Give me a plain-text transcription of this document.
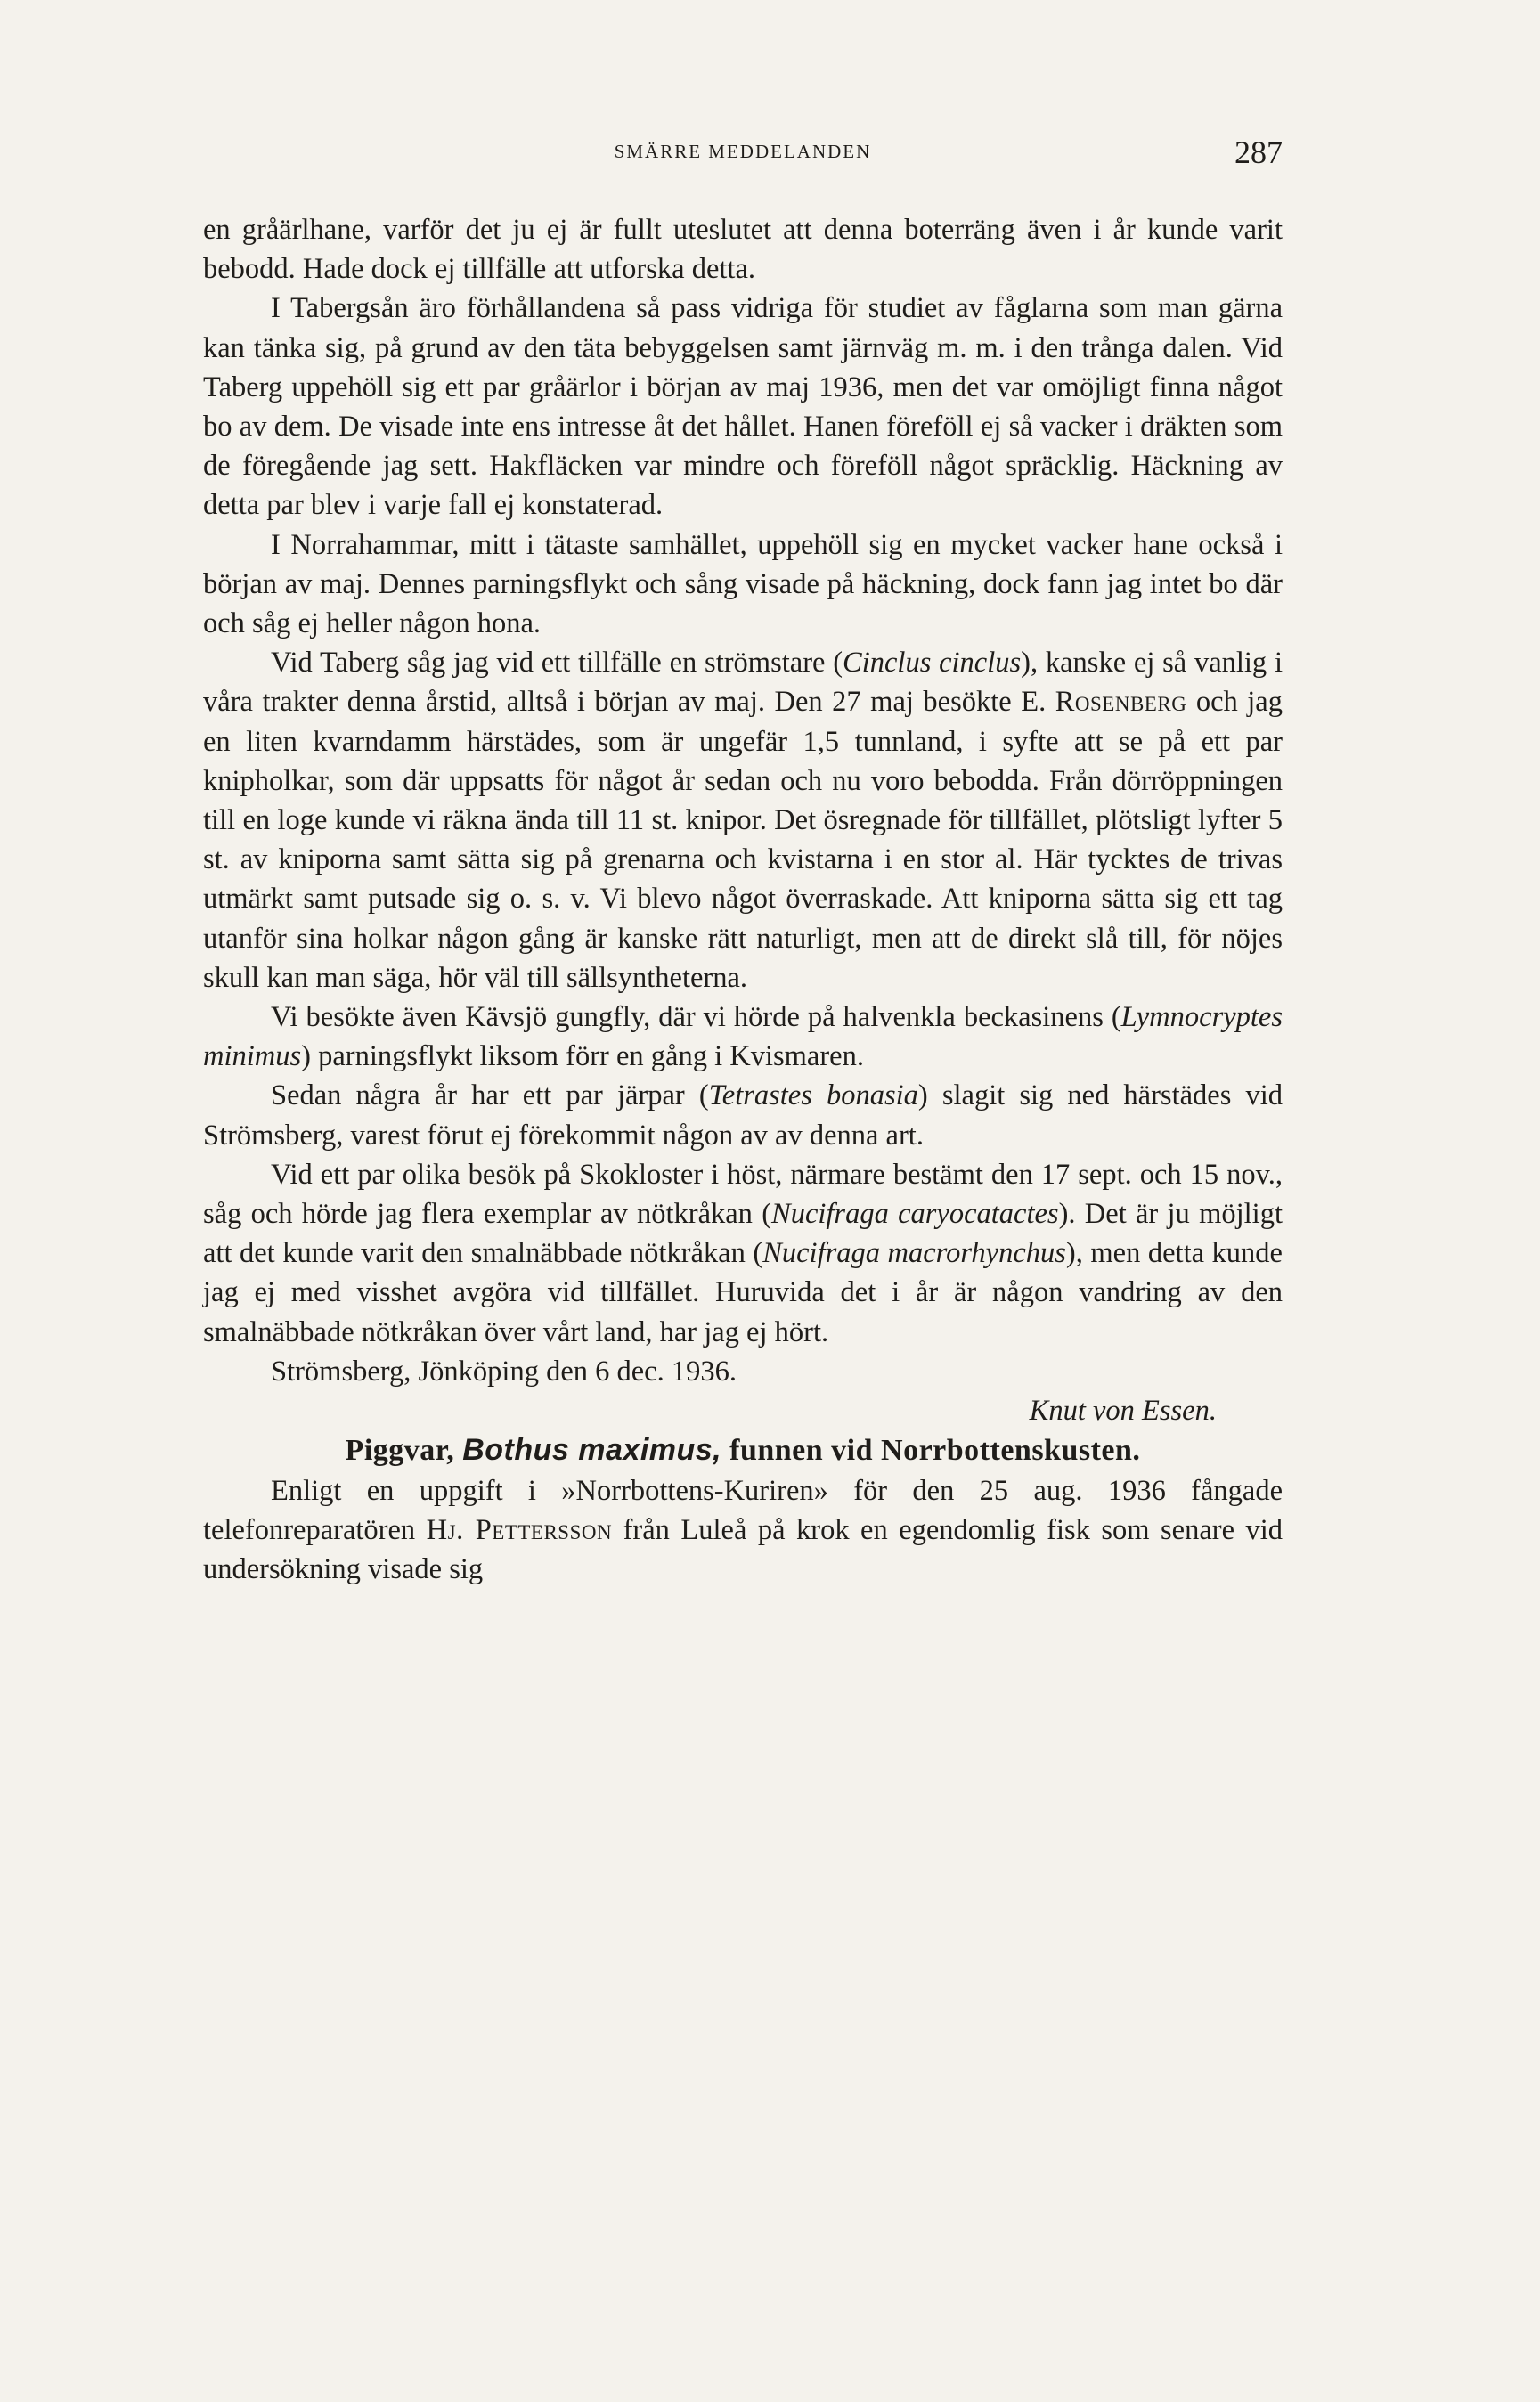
SMÄRRE MEDDELANDEN	287

en gråärlhane, varför det ju ej är fullt uteslutet att denna boterräng även i år kunde varit bebodd. Hade dock ej tillfälle att utforska detta.

I Tabergsån äro förhållandena så pass vidriga för studiet av fåglarna som man gärna kan tänka sig, på grund av den täta bebyggelsen samt järnväg m. m. i den trånga dalen. Vid Taberg uppehöll sig ett par gråärlor i början av maj 1936, men det var omöjligt finna något bo av dem. De visade inte ens intresse åt det hållet. Hanen föreföll ej så vacker i dräkten som de föregående jag sett. Hakfläcken var mindre och föreföll något spräcklig. Häckning av detta par blev i varje fall ej konstaterad.

I Norrahammar, mitt i tätaste samhället, uppehöll sig en mycket vacker hane också i början av maj. Dennes parningsflykt och sång visade på häckning, dock fann jag intet bo där och såg ej heller någon hona.

Vid Taberg såg jag vid ett tillfälle en strömstare (Cinclus cinclus), kanske ej så vanlig i våra trakter denna årstid, alltså i början av maj. Den 27 maj besökte E. Rosenberg och jag en liten kvarndamm härstädes, som är ungefär 1,5 tunnland, i syfte att se på ett par knipholkar, som där uppsatts för något år sedan och nu voro bebodda. Från dörröppningen till en loge kunde vi räkna ända till 11 st. knipor. Det ösregnade för tillfället, plötsligt lyfter 5 st. av kniporna samt sätta sig på grenarna och kvistarna i en stor al. Här tycktes de trivas utmärkt samt putsade sig o. s. v. Vi blevo något överraskade. Att kniporna sätta sig ett tag utanför sina holkar någon gång är kanske rätt naturligt, men att de direkt slå till, för nöjes skull kan man säga, hör väl till sällsyntheterna.

Vi besökte även Kävsjö gungfly, där vi hörde på halvenkla beckasinens (Lymnocryptes minimus) parningsflykt liksom förr en gång i Kvismaren.

Sedan några år har ett par järpar (Tetrastes bonasia) slagit sig ned härstädes vid Strömsberg, varest förut ej förekommit någon av av denna art.

Vid ett par olika besök på Skokloster i höst, närmare bestämt den 17 sept. och 15 nov., såg och hörde jag flera exemplar av nötkråkan (Nucifraga caryocatactes). Det är ju möjligt att det kunde varit den smalnäbbade nötkråkan (Nucifraga macrorhynchus), men detta kunde jag ej med visshet avgöra vid tillfället. Huruvida det i år är någon vandring av den smalnäbbade nötkråkan över vårt land, har jag ej hört.

Strömsberg, Jönköping den 6 dec. 1936.

Knut von Essen.

Piggvar, Bothus maximus, funnen vid Norrbottenskusten.

Enligt en uppgift i »Norrbottens-Kuriren» för den 25 aug. 1936 fångade telefonreparatören Hj. Pettersson från Luleå på krok en egendomlig fisk som senare vid undersökning visade sig
